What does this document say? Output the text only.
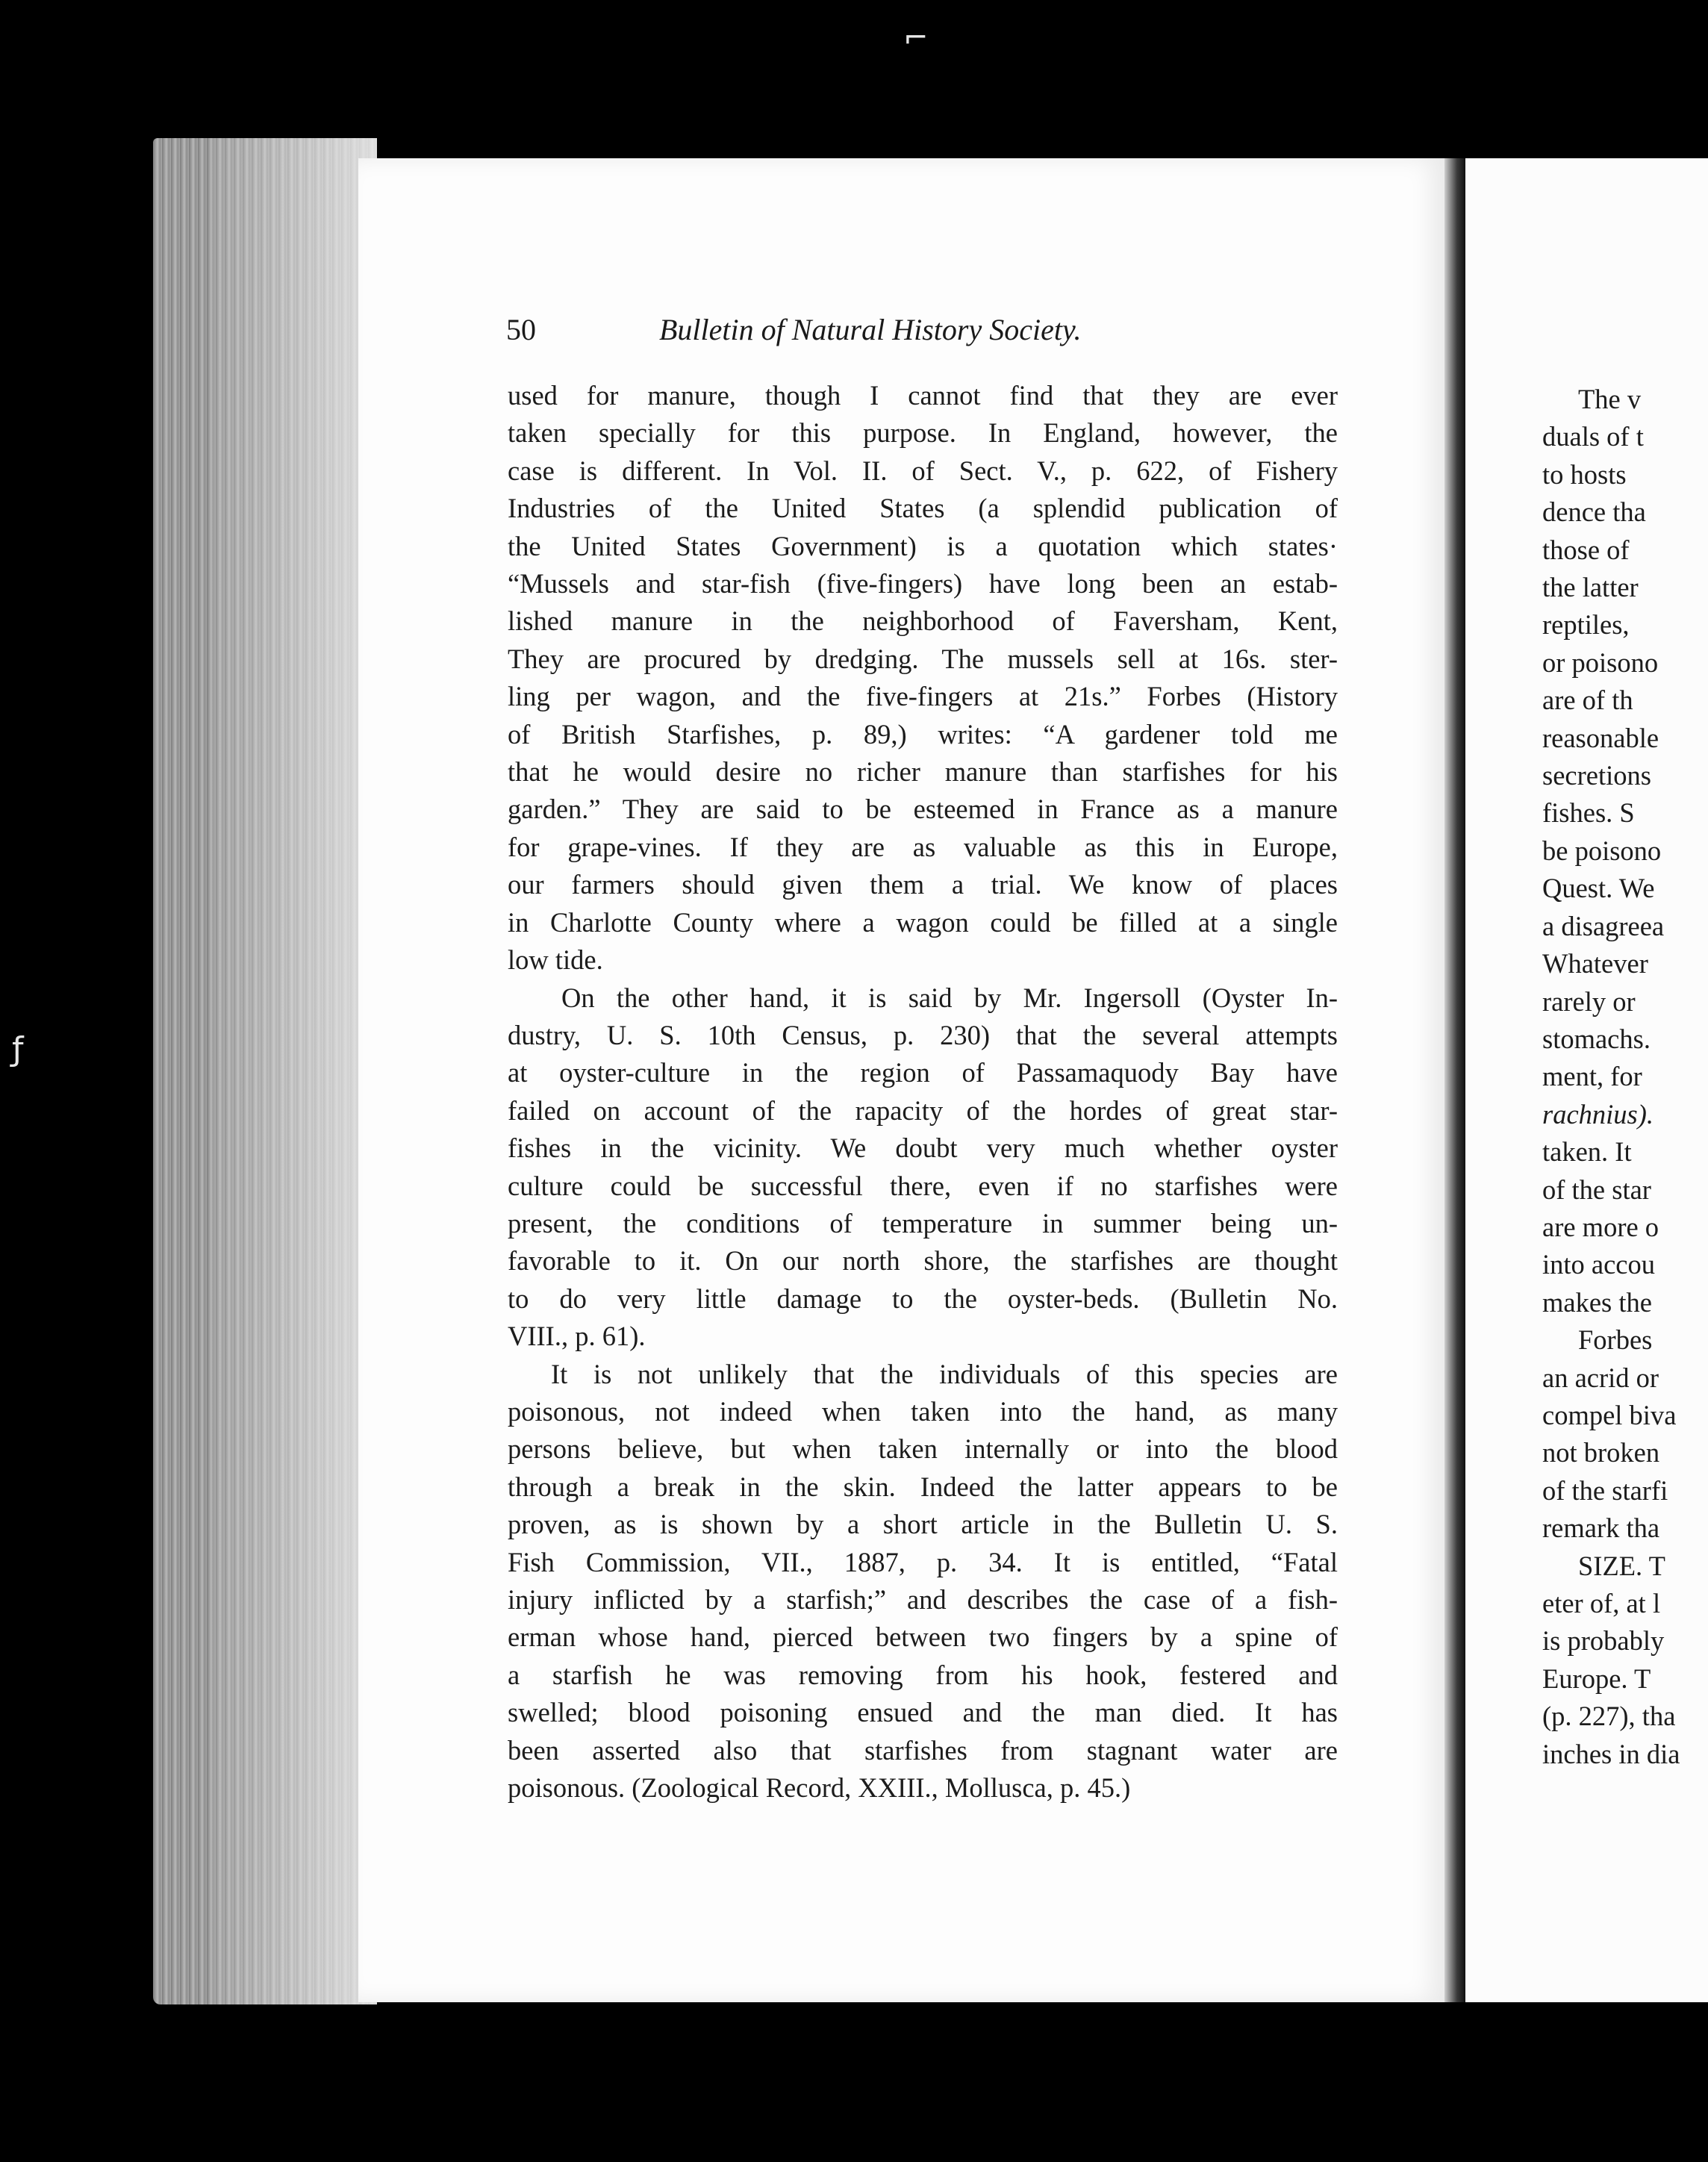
⌐
ƒ
50	Bulletin of Natural History Society.

used for manure, though I cannot find that they are ever
taken specially for this purpose. In England, however, the
case is different. In Vol. II. of Sect. V., p. 622, of Fishery
Industries of the United States (a splendid publication of
the United States Government) is a quotation which states·
“Mussels and star-fish (five-fingers) have long been an estab-
lished manure in the neighborhood of Faversham, Kent,
They are procured by dredging. The mussels sell at 16s. ster-
ling per wagon, and the five-fingers at 21s.” Forbes (History
of British Starfishes, p. 89,) writes: “A gardener told me
that he would desire no richer manure than starfishes for his
garden.” They are said to be esteemed in France as a manure
for grape-vines. If they are as valuable as this in Europe,
our farmers should given them a trial. We know of places
in Charlotte County where a wagon could be filled at a single
low tide.

On the other hand, it is said by Mr. Ingersoll (Oyster In-
dustry, U. S. 10th Census, p. 230) that the several attempts
at oyster-culture in the region of Passamaquody Bay have
failed on account of the rapacity of the hordes of great star-
fishes in the vicinity. We doubt very much whether oyster
culture could be successful there, even if no starfishes were
present, the conditions of temperature in summer being un-
favorable to it. On our north shore, the starfishes are thought
to do very little damage to the oyster-beds. (Bulletin No.
VIII., p. 61).

It is not unlikely that the individuals of this species are
poisonous, not indeed when taken into the hand, as many
persons believe, but when taken internally or into the blood
through a break in the skin. Indeed the latter appears to be
proven, as is shown by a short article in the Bulletin U. S.
Fish Commission, VII., 1887, p. 34. It is entitled, “Fatal
injury inflicted by a starfish;” and describes the case of a fish-
erman whose hand, pierced between two fingers by a spine of
a starfish he was removing from his hook, festered and
swelled; blood poisoning ensued and the man died. It has
been asserted also that starfishes from stagnant water are
poisonous. (Zoological Record, XXIII., Mollusca, p. 45.)

The v
duals of t
to hosts
dence tha
those of
the latter
reptiles,
or poisono
are of th
reasonable
secretions
fishes. S
be poisono
Quest. We
a disagreea
Whatever
rarely or
stomachs.
ment, for
rachnius).
taken. It
of the star
are more o
into accou
makes the
Forbes
an acrid or
compel biva
not broken
of the starfi
remark tha
SIZE. T
eter of, at l
is probably
Europe. T
(p. 227), tha
inches in dia
